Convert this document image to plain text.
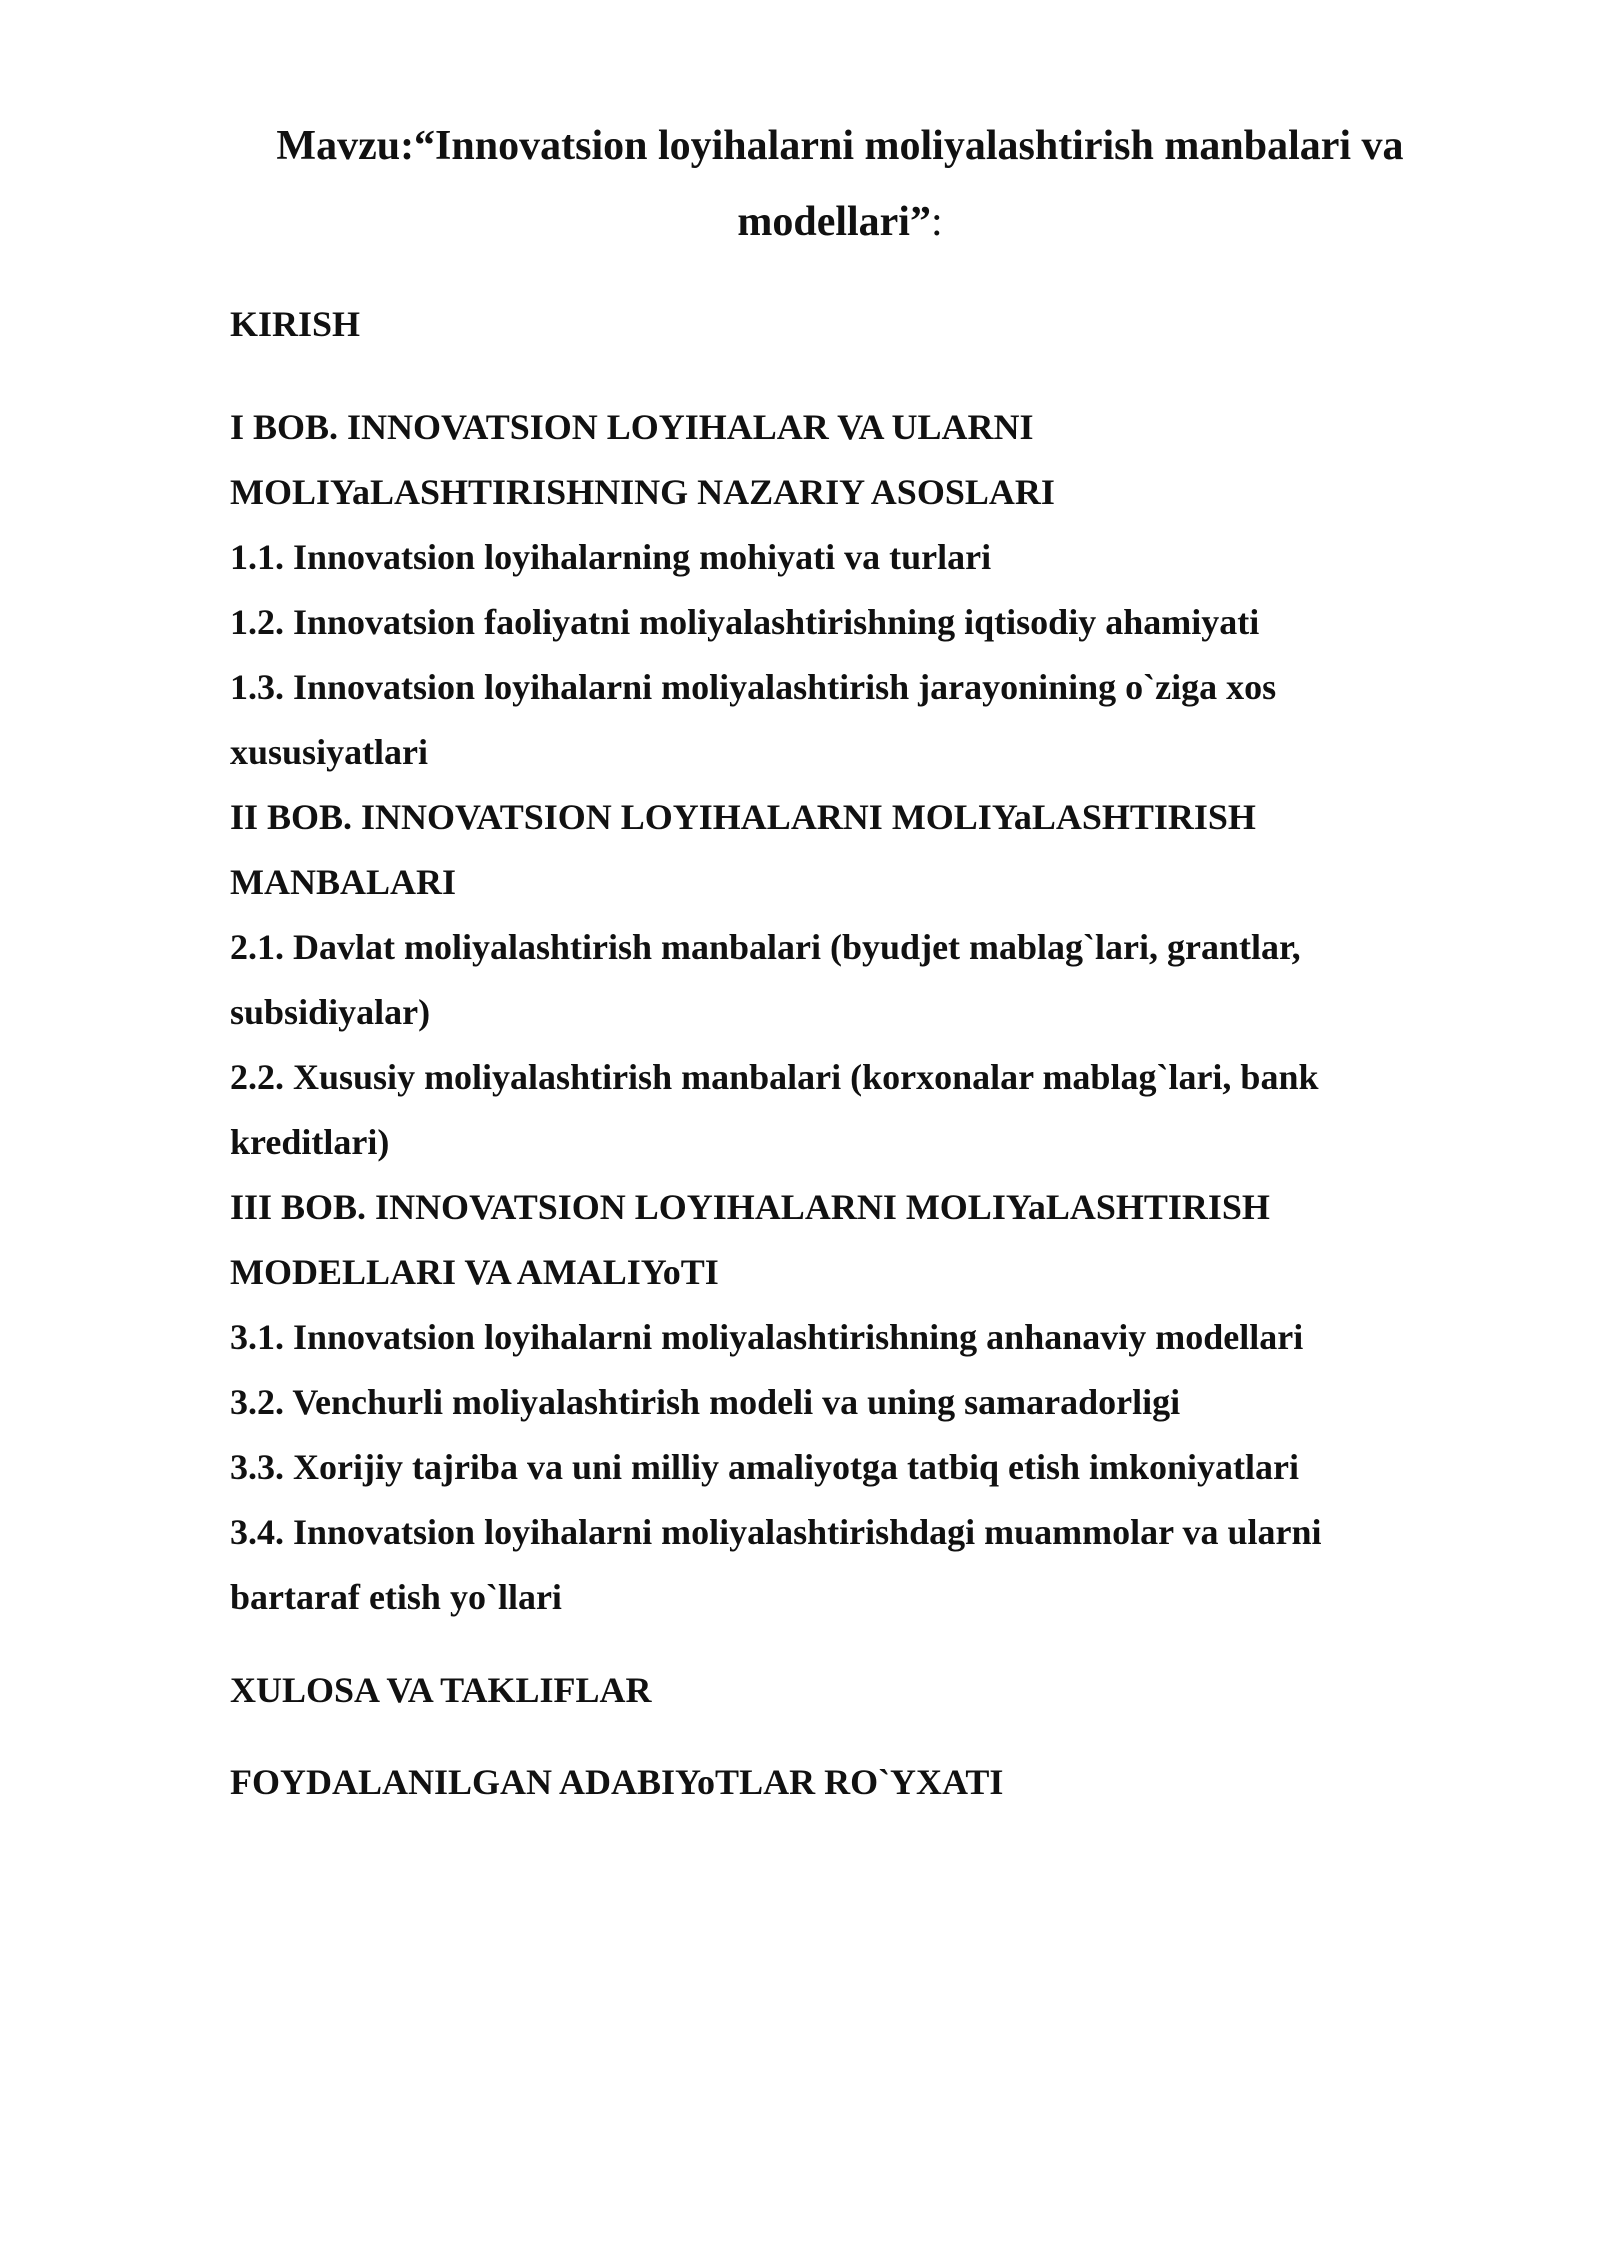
Mavzu:“Innovatsion loyihalarni moliyalashtirish manbalari va modellari”:
KIRISH
I BOB. INNOVATSION LOYIHALAR VA ULARNI
MOLIYaLASHTIRISHNING NAZARIY ASOSLARI
1.1. Innovatsion loyihalarning mohiyati va turlari
1.2. Innovatsion faoliyatni moliyalashtirishning iqtisodiy ahamiyati
1.3. Innovatsion loyihalarni moliyalashtirish jarayonining o`ziga xos
xususiyatlari
II BOB. INNOVATSION LOYIHALARNI MOLIYaLASHTIRISH
MANBALARI
2.1. Davlat moliyalashtirish manbalari (byudjet mablag`lari, grantlar,
subsidiyalar)
2.2. Xususiy moliyalashtirish manbalari (korxonalar mablag`lari, bank
kreditlari)
III BOB. INNOVATSION LOYIHALARNI MOLIYaLASHTIRISH
MODELLARI VA AMALIYoTI
3.1. Innovatsion loyihalarni moliyalashtirishning anhanaviy modellari
3.2. Venchurli moliyalashtirish modeli va uning samaradorligi
3.3. Xorijiy tajriba va uni milliy amaliyotga tatbiq etish imkoniyatlari
3.4. Innovatsion loyihalarni moliyalashtirishdagi muammolar va ularni
bartaraf etish yo`llari
XULOSA VA TAKLIFLAR
FOYDALANILGAN ADABIYoTLAR RO`YXATI
